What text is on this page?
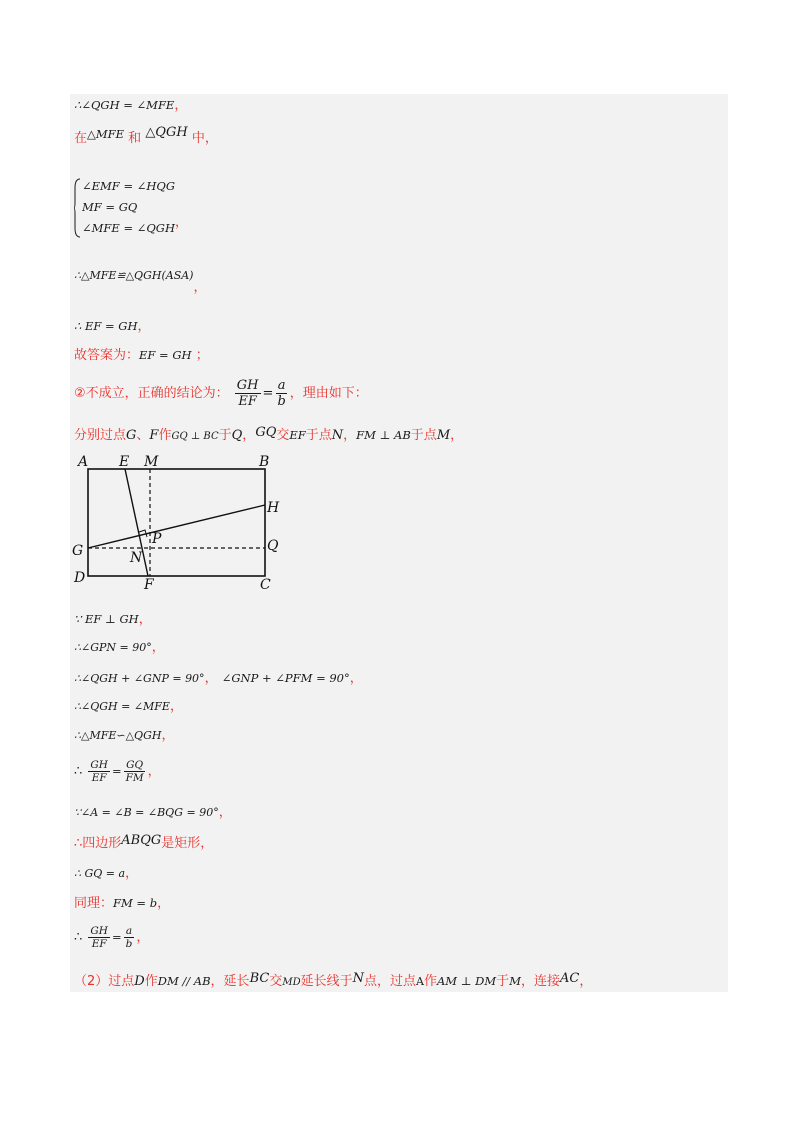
∴∠QGH = ∠MFE，
在△MFE 和 △QGH 中，
∠EMF = ∠HQG
MF = GQ
∠MFE = ∠QGH，
∴△MFE≌△QGH(ASA)，
∴ EF = GH，
故答案为：EF = GH ；
②不成立，正确的结论为： $\frac{GH}{EF} = \frac{a}{b}$ ，理由如下：
分别过点G、F作GQ ⊥ BC于Q，GQ交EF于点N，FM ⊥ AB于点M，
A E M	B
H
P
G	Q
N
D	F	C
∵ EF ⊥ GH，
∴∠GPN = 90°，
∴∠QGH + ∠GNP = 90°， ∠GNP + ∠PFM = 90°，
∴∠QGH = ∠MFE，
∴△MFE∽△QGH，
∴ $\frac{GH}{EF} = \frac{GQ}{FM}$ ，
∵∠A = ∠B = ∠BQG = 90°，
∴四边形ABQG是矩形，
∴ GQ = a，
同理：FM = b，
∴ $\frac{GH}{EF} = \frac{a}{b}$ ，
（2）过点D作DM // AB，延长BC交MD延长线于N点，过点A作AM ⊥ DM于M，连接AC，
